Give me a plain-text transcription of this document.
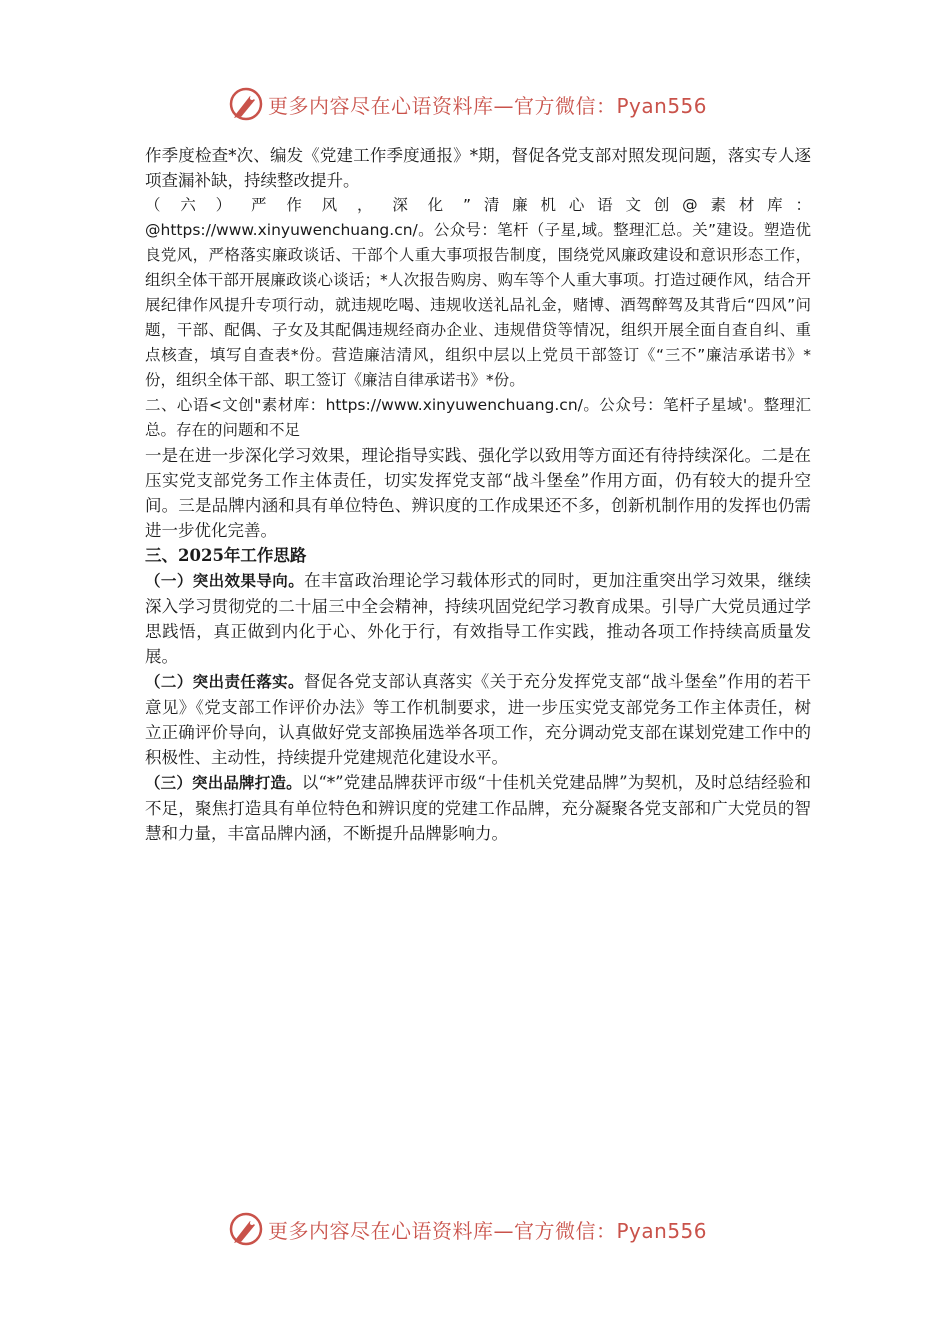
更多内容尽在心语资料库—官方微信：Pyan556

作季度检查*次、编发《党建工作季度通报》*期，督促各党支部对照发现问题，落实专人逐项查漏补缺，持续整改提升。

（六）严作风，深化”清廉机心语文创@素材库：@https://www.xinyuwenchuang.cn/。公众号：笔杆（子星,域。整理汇总。关”建设。塑造优良党风，严格落实廉政谈话、干部个人重大事项报告制度，围绕党风廉政建设和意识形态工作，组织全体干部开展廉政谈心谈话；*人次报告购房、购车等个人重大事项。打造过硬作风，结合开展纪律作风提升专项行动，就违规吃喝、违规收送礼品礼金，赌博、酒驾醉驾及其背后“四风”问题，干部、配偶、子女及其配偶违规经商办企业、违规借贷等情况，组织开展全面自查自纠、重点核查，填写自查表*份。营造廉洁清风，组织中层以上党员干部签订《“三不”廉洁承诺书》*份，组织全体干部、职工签订《廉洁自律承诺书》*份。

二、心语<文创"素材库：https://www.xinyuwenchuang.cn/。公众号：笔杆子星域'。整理汇总。存在的问题和不足

一是在进一步深化学习效果，理论指导实践、强化学以致用等方面还有待持续深化。二是在压实党支部党务工作主体责任，切实发挥党支部“战斗堡垒”作用方面，仍有较大的提升空间。三是品牌内涵和具有单位特色、辨识度的工作成果还不多，创新机制作用的发挥也仍需进一步优化完善。

三、2025年工作思路

（一）突出效果导向。在丰富政治理论学习载体形式的同时，更加注重突出学习效果，继续深入学习贯彻党的二十届三中全会精神，持续巩固党纪学习教育成果。引导广大党员通过学思践悟，真正做到内化于心、外化于行，有效指导工作实践，推动各项工作持续高质量发展。

（二）突出责任落实。督促各党支部认真落实《关于充分发挥党支部“战斗堡垒”作用的若干意见》《党支部工作评价办法》等工作机制要求，进一步压实党支部党务工作主体责任，树立正确评价导向，认真做好党支部换届选举各项工作，充分调动党支部在谋划党建工作中的积极性、主动性，持续提升党建规范化建设水平。

（三）突出品牌打造。以“*”党建品牌获评市级“十佳机关党建品牌”为契机，及时总结经验和不足，聚焦打造具有单位特色和辨识度的党建工作品牌，充分凝聚各党支部和广大党员的智慧和力量，丰富品牌内涵，不断提升品牌影响力。

更多内容尽在心语资料库—官方微信：Pyan556
